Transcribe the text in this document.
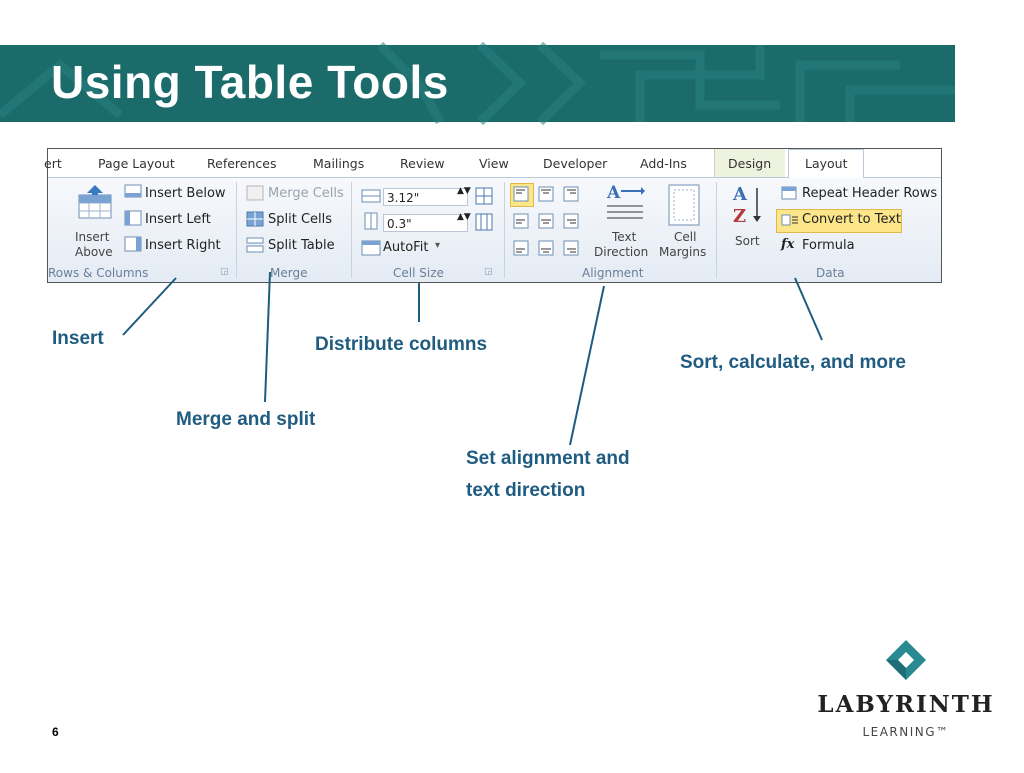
Using Table Tools
ert	Page Layout	References	Mailings	Review	View	Developer	Add-Ins	Design	Layout
Insert
Above
Insert Below
Insert Left
Insert Right
Rows & Columns	◲
Merge Cells
Split Cells
Split Table
Merge
3.12"	▲▼
0.3"	▲▼
AutoFit ▾
Cell Size	◲
A
Text
Direction
Cell
Margins
Alignment
A
Z
Sort
Repeat Header Rows
Convert to Text
fx Formula
Data
Insert	Distribute columns
Sort, calculate, and more
Merge and split
Set alignment and
text direction
6
LABYRINTH
LEARNING™
